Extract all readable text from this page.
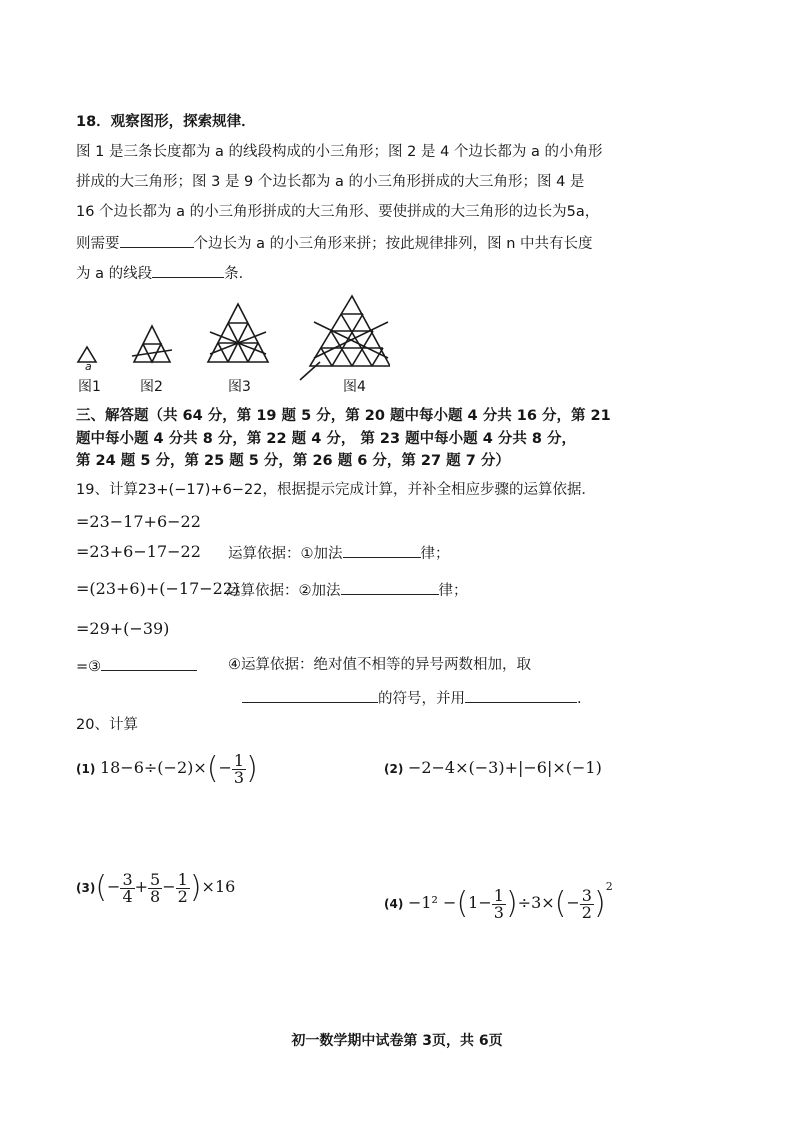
18．观察图形，探索规律．
图 1 是三条长度都为 a 的线段构成的小三角形；图 2 是 4 个边长都为 a 的小角形
拼成的大三角形；图 3 是 9 个边长都为 a 的小三角形拼成的大三角形；图 4 是
16 个边长都为 a 的小三角形拼成的大三角形、要使拼成的大三角形的边长为5a，
则需要	个边长为 a 的小三角形来拼；按此规律排列，图 n 中共有长度
为 a 的线段	条．
a
图1	图2	图3	图4
三、解答题（共 64 分，第 19 题 5 分，第 20 题中每小题 4 分共 16 分，第 21
题中每小题 4 分共 8 分，第 22 题 4 分， 第 23 题中每小题 4 分共 8 分，
第 24 题 5 分，第 25 题 5 分，第 26 题 6 分，第 27 题 7 分）
19、计算23+(−17)+6−22，根据提示完成计算，并补全相应步骤的运算依据．
=23−17+6−22
=23+6−17−22 运算依据：①加法	律；
=(23+6)+(−17−22)
运算依据：②加法	律；
=29+(−39)
=③	④运算依据：绝对值不相等的异号两数相加，取
的符号，并用	.
20、计算
(1) $18-6\div(-2)\times(- \frac{1}{3}$ )	(2) −2−4×(−3)+|−6|×(−1)
$(3)(- \frac{3}{4} + \frac{5}{8} - \frac{1}{2} )\times 16$
$(4) -1^2 -(1- \frac{1}{3} )\div 3\times(- \frac{3}{2} )^2$
初一数学期中试卷第 3页，共 6页
